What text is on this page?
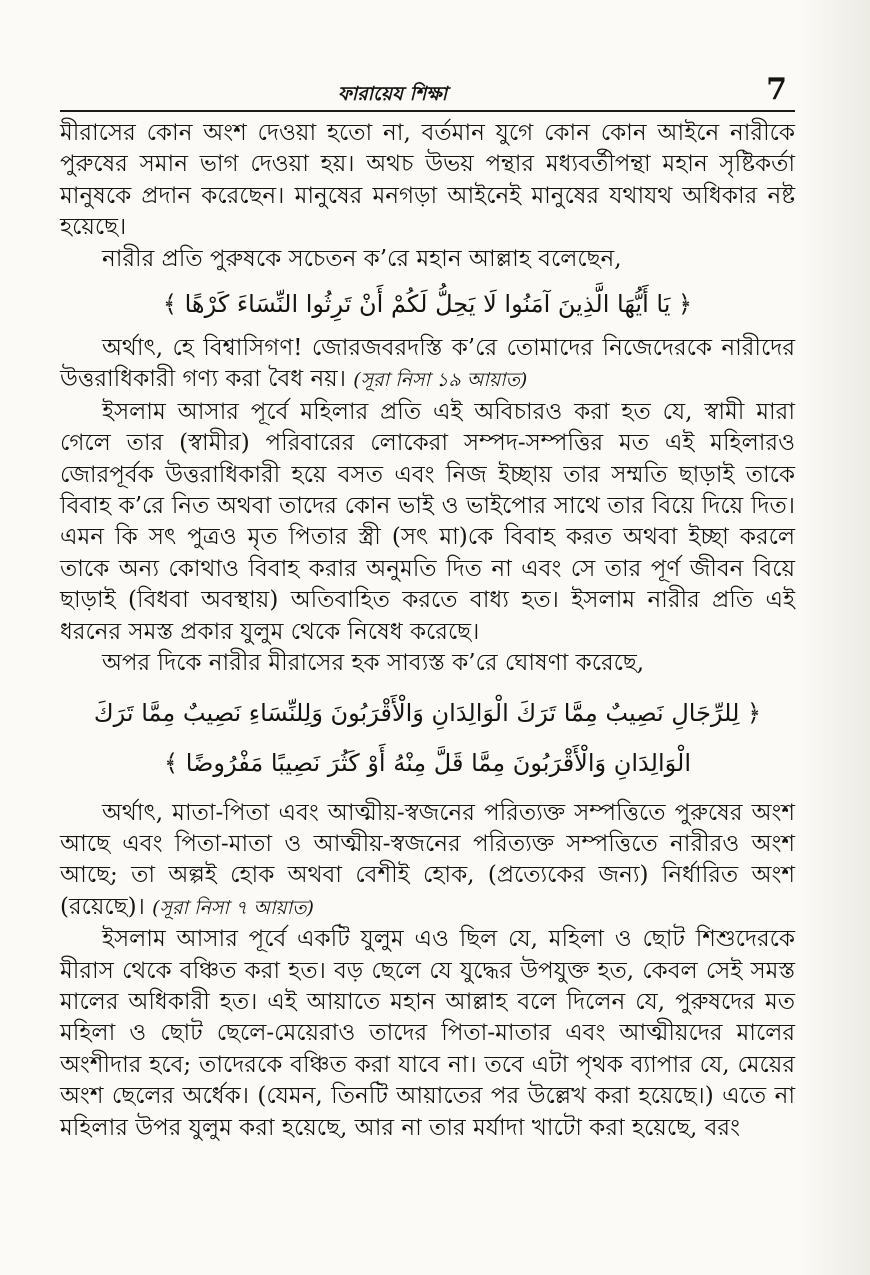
ফারায়েয শিক্ষা	7

মীরাসের কোন অংশ দেওয়া হতো না, বর্তমান যুগে কোন কোন আইনে নারীকে পুরুষের সমান ভাগ দেওয়া হয়। অথচ উভয় পন্থার মধ্যবর্তীপন্থা মহান সৃষ্টিকর্তা মানুষকে প্রদান করেছেন। মানুষের মনগড়া আইনেই মানুষের যথাযথ অধিকার নষ্ট হয়েছে।

নারীর প্রতি পুরুষকে সচেতন ক’রে মহান আল্লাহ বলেছেন,

﴿ يَا أَيُّهَا الَّذِينَ آمَنُوا لَا يَحِلُّ لَكُمْ أَنْ تَرِثُوا النِّسَاءَ كَرْهًا ﴾

অর্থাৎ, হে বিশ্বাসিগণ! জোরজবরদস্তি ক’রে তোমাদের নিজেদেরকে নারীদের উত্তরাধিকারী গণ্য করা বৈধ নয়। (সূরা নিসা ১৯ আয়াত)

ইসলাম আসার পূর্বে মহিলার প্রতি এই অবিচারও করা হত যে, স্বামী মারা গেলে তার (স্বামীর) পরিবারের লোকেরা সম্পদ-সম্পত্তির মত এই মহিলারও জোরপূর্বক উত্তরাধিকারী হয়ে বসত এবং নিজ ইচ্ছায় তার সম্মতি ছাড়াই তাকে বিবাহ ক’রে নিত অথবা তাদের কোন ভাই ও ভাইপোর সাথে তার বিয়ে দিয়ে দিত। এমন কি সৎ পুত্রও মৃত পিতার স্ত্রী (সৎ মা)কে বিবাহ করত অথবা ইচ্ছা করলে তাকে অন্য কোথাও বিবাহ করার অনুমতি দিত না এবং সে তার পূর্ণ জীবন বিয়ে ছাড়াই (বিধবা অবস্থায়) অতিবাহিত করতে বাধ্য হত। ইসলাম নারীর প্রতি এই ধরনের সমস্ত প্রকার যুলুম থেকে নিষেধ করেছে।

অপর দিকে নারীর মীরাসের হক সাব্যস্ত ক’রে ঘোষণা করেছে,

﴿ لِلرِّجَالِ نَصِيبٌ مِمَّا تَرَكَ الْوَالِدَانِ وَالْأَقْرَبُونَ وَلِلنِّسَاءِ نَصِيبٌ مِمَّا تَرَكَ
الْوَالِدَانِ وَالْأَقْرَبُونَ مِمَّا قَلَّ مِنْهُ أَوْ كَثُرَ نَصِيبًا مَفْرُوضًا ﴾

অর্থাৎ, মাতা-পিতা এবং আত্মীয়-স্বজনের পরিত্যক্ত সম্পত্তিতে পুরুষের অংশ আছে এবং পিতা-মাতা ও আত্মীয়-স্বজনের পরিত্যক্ত সম্পত্তিতে নারীরও অংশ আছে; তা অল্পই হোক অথবা বেশীই হোক, (প্রত্যেকের জন্য) নির্ধারিত অংশ (রয়েছে)। (সূরা নিসা ৭ আয়াত)

ইসলাম আসার পূর্বে একটি যুলুম এও ছিল যে, মহিলা ও ছোট শিশুদেরকে মীরাস থেকে বঞ্চিত করা হত। বড় ছেলে যে যুদ্ধের উপযুক্ত হত, কেবল সেই সমস্ত মালের অধিকারী হত। এই আয়াতে মহান আল্লাহ বলে দিলেন যে, পুরুষদের মত মহিলা ও ছোট ছেলে-মেয়েরাও তাদের পিতা-মাতার এবং আত্মীয়দের মালের অংশীদার হবে; তাদেরকে বঞ্চিত করা যাবে না। তবে এটা পৃথক ব্যাপার যে, মেয়ের অংশ ছেলের অর্ধেক। (যেমন, তিনটি আয়াতের পর উল্লেখ করা হয়েছে।) এতে না মহিলার উপর যুলুম করা হয়েছে, আর না তার মর্যাদা খাটো করা হয়েছে, বরং
